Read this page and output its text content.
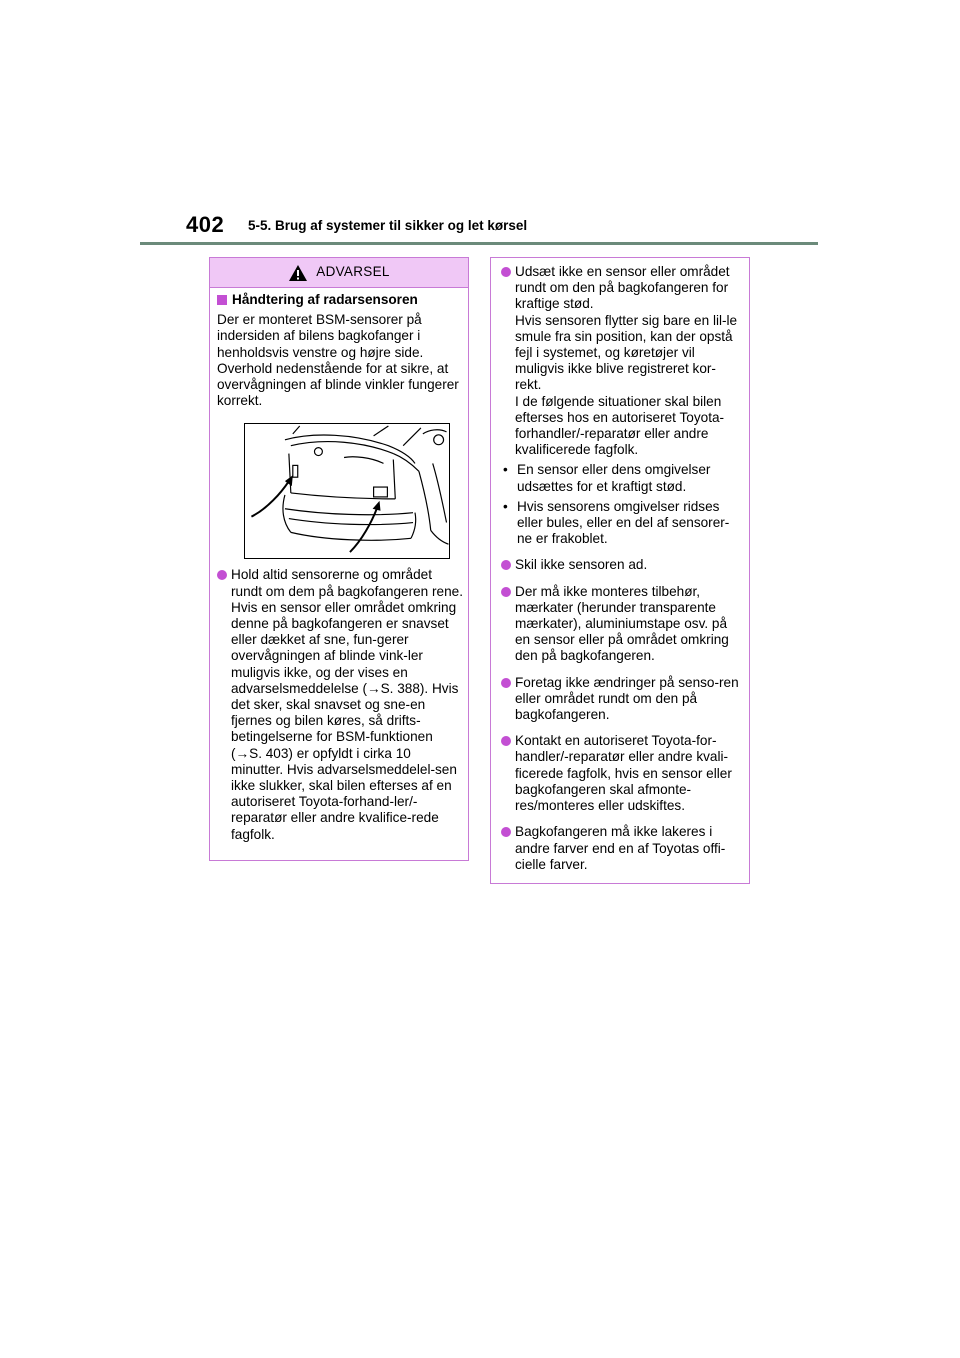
402 5-5. Brug af systemer til sikker og let kørsel
ADVARSEL
Håndtering af radarsensoren

Der er monteret BSM-sensorer på indersiden af bilens bagkofanger i henholdsvis venstre og højre side. Overhold nedenstående for at sikre, at overvågningen af blinde vinkler fungerer korrekt.

Hold altid sensorerne og området rundt om dem på bagkofangeren rene.
Hvis en sensor eller området omkring denne på bagkofangeren er snavset eller dækket af sne, fun-gerer overvågningen af blinde vink-ler muligvis ikke, og der vises en advarselsmeddelelse (→S. 388). Hvis det sker, skal snavset og sne-en fjernes og bilen køres, så drifts-betingelserne for BSM-funktionen (→S. 403) er opfyldt i cirka 10 minutter. Hvis advarselsmeddelel-sen ikke slukker, skal bilen efterses af en autoriseret Toyota-forhand-ler/-reparatør eller andre kvalifice-rede fagfolk.
Udsæt ikke en sensor eller området rundt om den på bagkofangeren for kraftige stød.
Hvis sensoren flytter sig bare en lil-le smule fra sin position, kan der opstå fejl i systemet, og køretøjer vil muligvis ikke blive registreret kor-rekt.
I de følgende situationer skal bilen efterses hos en autoriseret Toyota-forhandler/-reparatør eller andre kvalificerede fagfolk.
• En sensor eller dens omgivelser udsættes for et kraftigt stød.
• Hvis sensorens omgivelser ridses eller bules, eller en del af sensorer-ne er frakoblet.
Skil ikke sensoren ad.
Der må ikke monteres tilbehør, mærkater (herunder transparente mærkater), aluminiumstape osv. på en sensor eller på området omkring den på bagkofangeren.
Foretag ikke ændringer på senso-ren eller området rundt om den på bagkofangeren.
Kontakt en autoriseret Toyota-for-handler/-reparatør eller andre kvali-ficerede fagfolk, hvis en sensor eller bagkofangeren skal afmonte-res/monteres eller udskiftes.
Bagkofangeren må ikke lakeres i andre farver end en af Toyotas offi-cielle farver.
